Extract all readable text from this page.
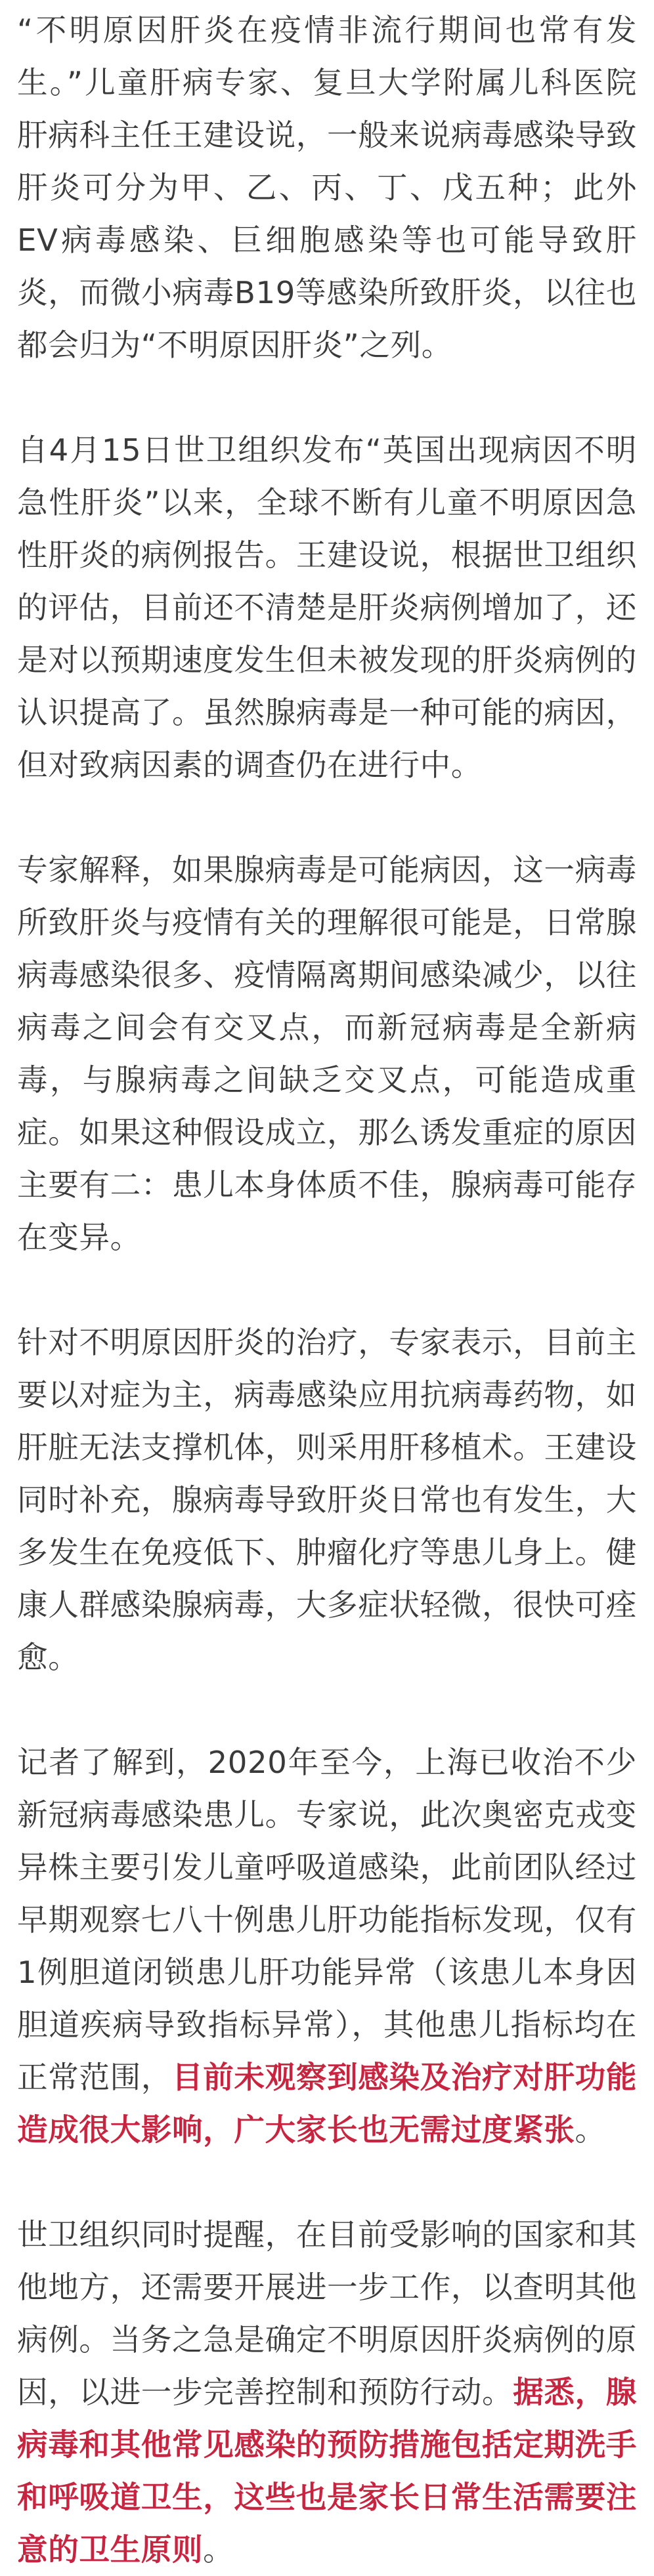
“不明原因肝炎在疫情非流行期间也常有发生。”儿童肝病专家、复旦大学附属儿科医院肝病科主任王建设说，一般来说病毒感染导致肝炎可分为甲、乙、丙、丁、戊五种；此外EV病毒感染、巨细胞感染等也可能导致肝炎，而微小病毒B19等感染所致肝炎，以往也都会归为“不明原因肝炎”之列。

自4月15日世卫组织发布“英国出现病因不明急性肝炎”以来，全球不断有儿童不明原因急性肝炎的病例报告。王建设说，根据世卫组织的评估，目前还不清楚是肝炎病例增加了，还是对以预期速度发生但未被发现的肝炎病例的认识提高了。虽然腺病毒是一种可能的病因，但对致病因素的调查仍在进行中。

专家解释，如果腺病毒是可能病因，这一病毒所致肝炎与疫情有关的理解很可能是，日常腺病毒感染很多、疫情隔离期间感染减少，以往病毒之间会有交叉点，而新冠病毒是全新病毒，与腺病毒之间缺乏交叉点，可能造成重症。如果这种假设成立，那么诱发重症的原因主要有二：患儿本身体质不佳，腺病毒可能存在变异。

针对不明原因肝炎的治疗，专家表示，目前主要以对症为主，病毒感染应用抗病毒药物，如肝脏无法支撑机体，则采用肝移植术。王建设同时补充，腺病毒导致肝炎日常也有发生，大多发生在免疫低下、肿瘤化疗等患儿身上。健康人群感染腺病毒，大多症状轻微，很快可痊愈。

记者了解到，2020年至今，上海已收治不少新冠病毒感染患儿。专家说，此次奥密克戎变异株主要引发儿童呼吸道感染，此前团队经过早期观察七八十例患儿肝功能指标发现，仅有1例胆道闭锁患儿肝功能异常（该患儿本身因胆道疾病导致指标异常），其他患儿指标均在正常范围，目前未观察到感染及治疗对肝功能造成很大影响，广大家长也无需过度紧张。

世卫组织同时提醒，在目前受影响的国家和其他地方，还需要开展进一步工作，以查明其他病例。当务之急是确定不明原因肝炎病例的原因，以进一步完善控制和预防行动。据悉，腺病毒和其他常见感染的预防措施包括定期洗手和呼吸道卫生，这些也是家长日常生活需要注意的卫生原则。
